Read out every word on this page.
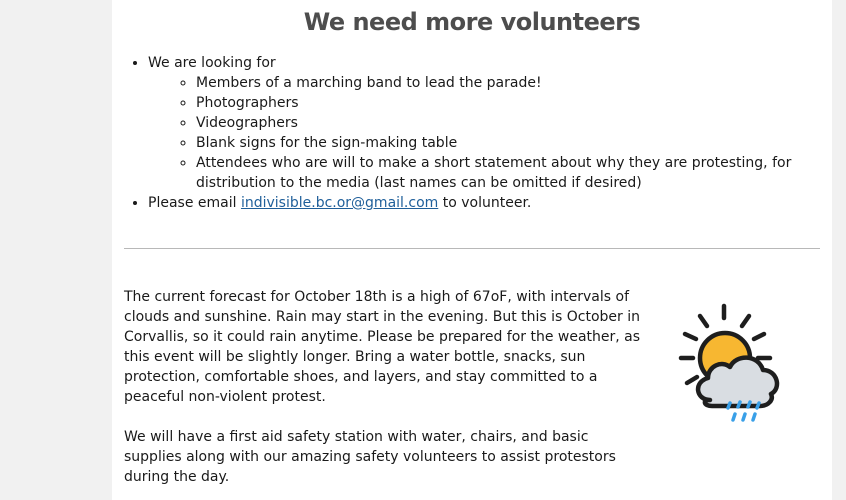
We need more volunteers
• We are looking for
◦ Members of a marching band to lead the parade!
◦ Photographers
◦ Videographers
◦ Blank signs for the sign-making table
◦ Attendees who are will to make a short statement about why they are protesting, for distribution to the media (last names can be omitted if desired)
• Please email indivisible.bc.or@gmail.com to volunteer.

The current forecast for October 18th is a high of 67oF, with intervals of clouds and sunshine. Rain may start in the evening. But this is October in Corvallis, so it could rain anytime. Please be prepared for the weather, as this event will be slightly longer. Bring a water bottle, snacks, sun protection, comfortable shoes, and layers, and stay committed to a peaceful non-violent protest.

We will have a first aid safety station with water, chairs, and basic supplies along with our amazing safety volunteers to assist protestors during the day.
